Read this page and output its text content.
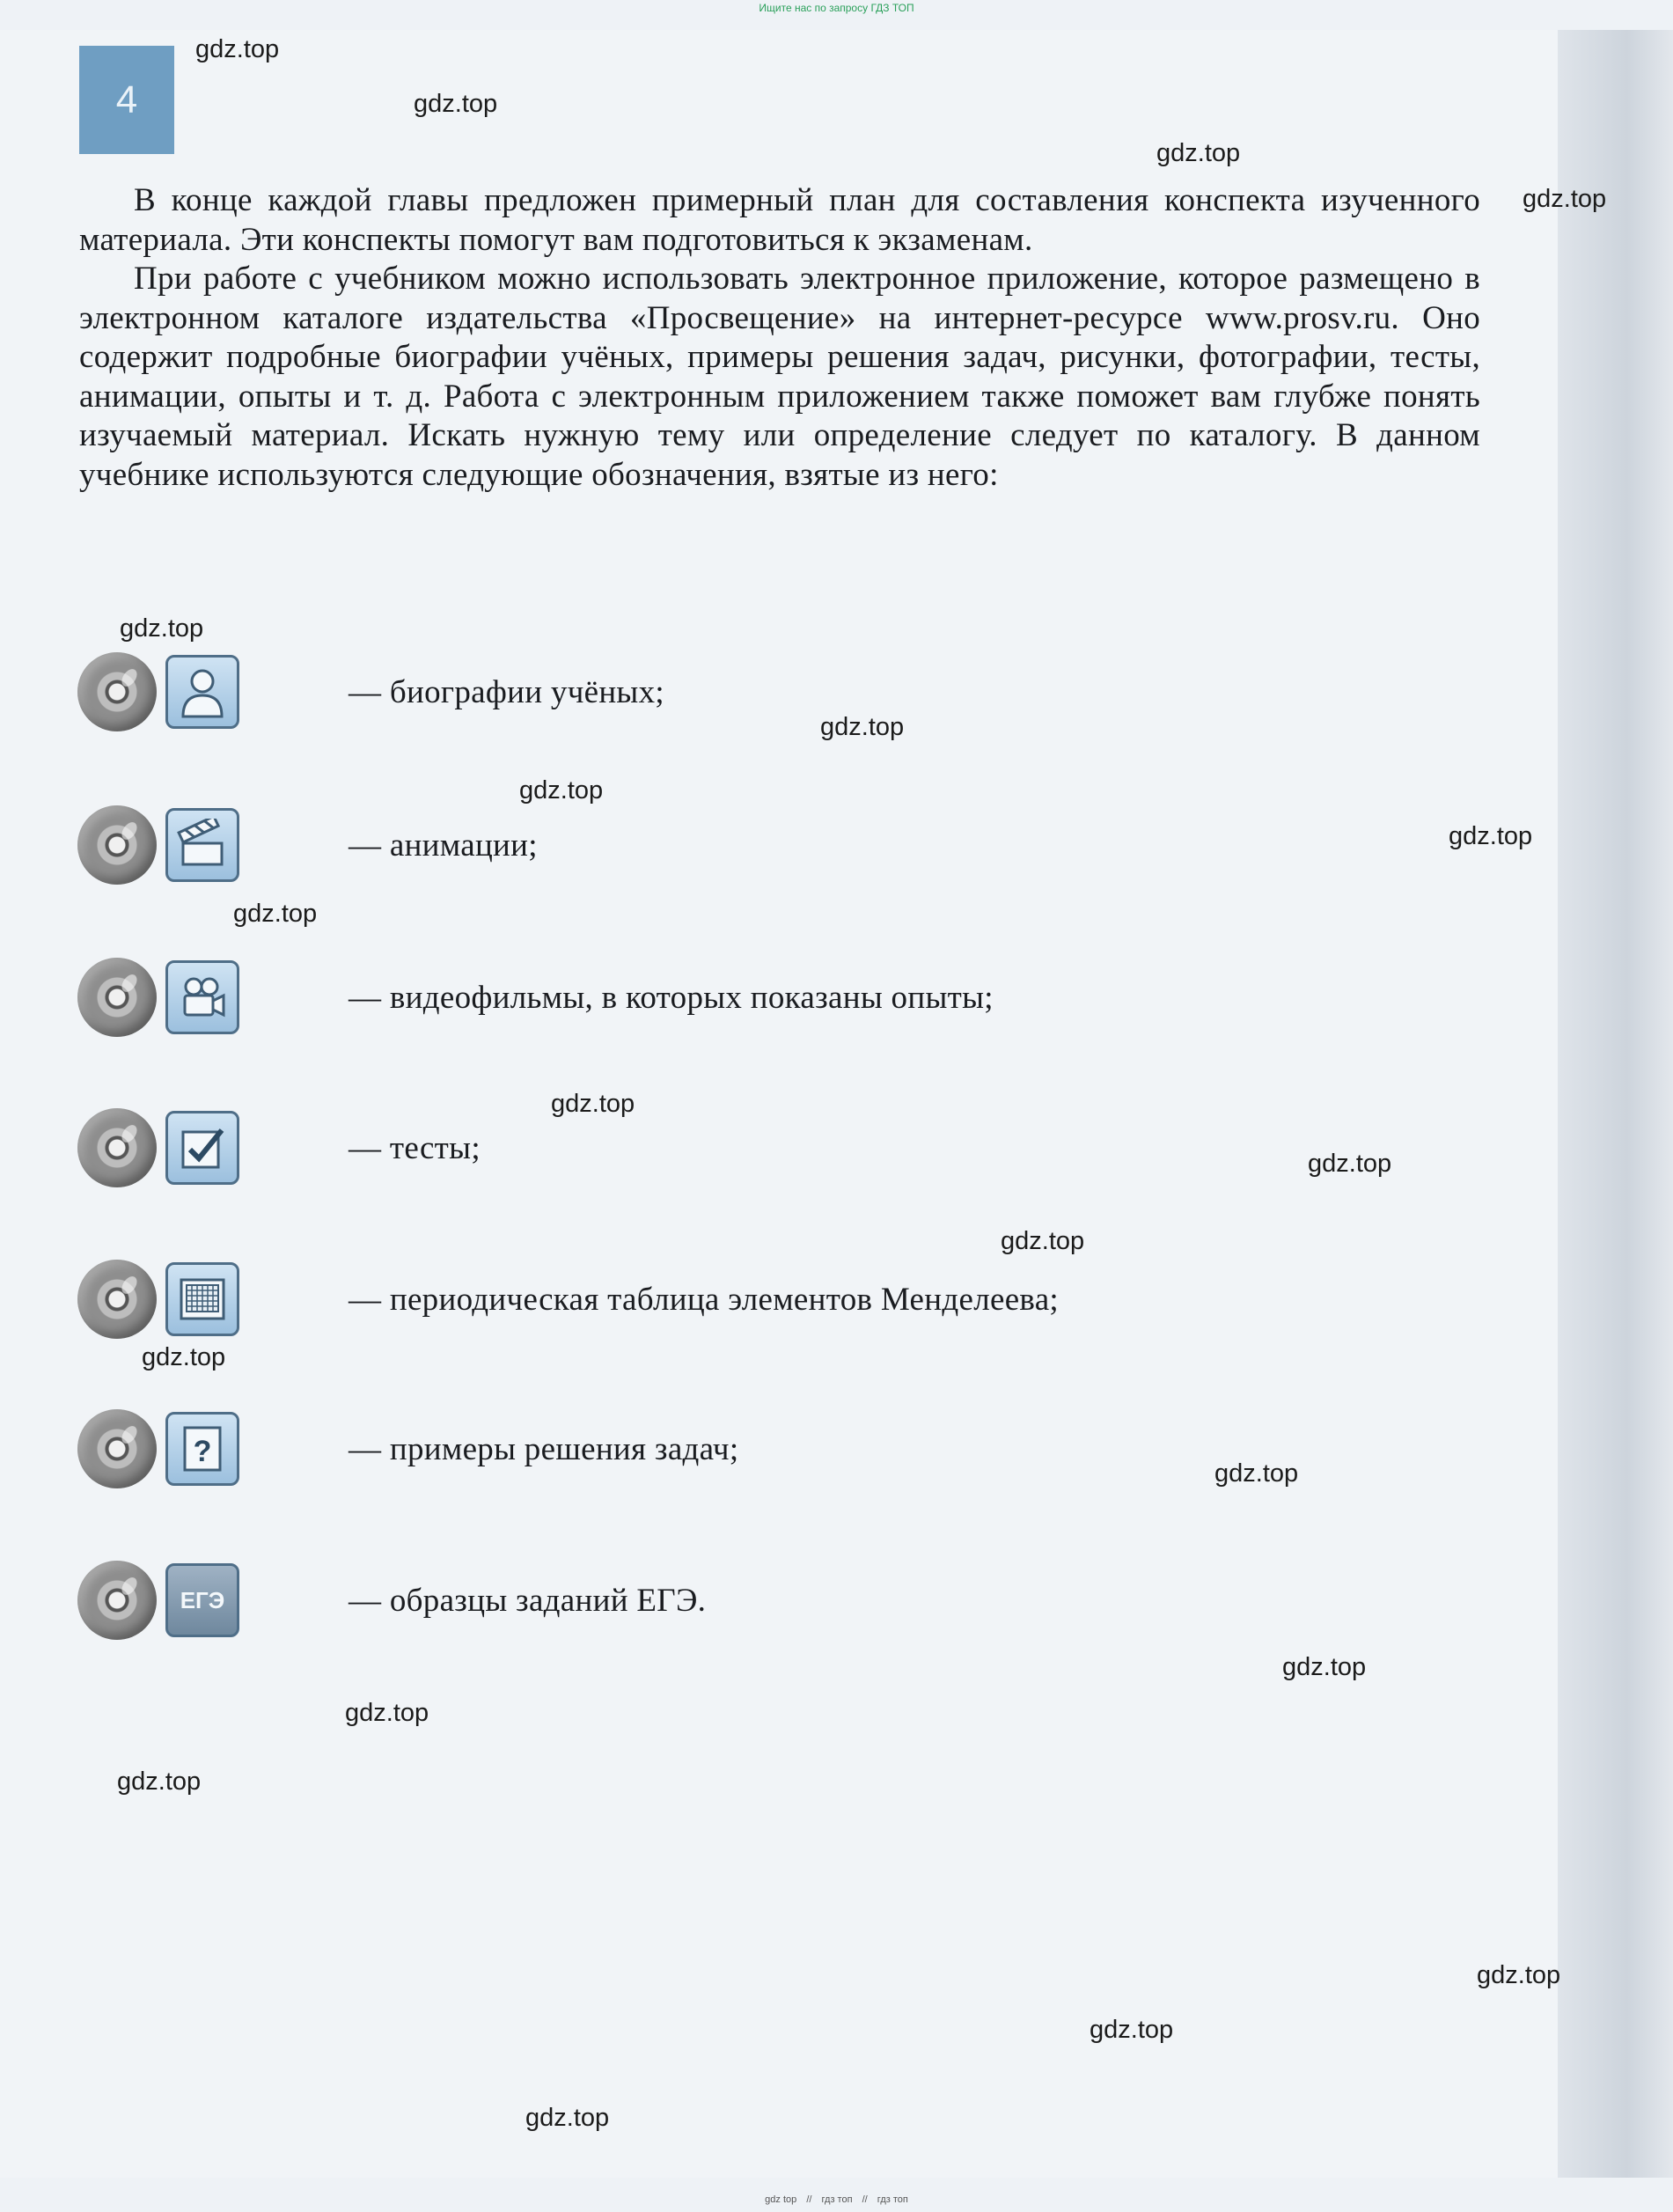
Ищите нас по запросу ГДЗ ТОП
4

В конце каждой главы предложен примерный план для составления конспекта изученного материала. Эти конспекты помогут вам подготовиться к экзаменам.

При работе с учебником можно использовать электронное приложение, которое размещено в электронном каталоге издательства «Просвещение» на интернет-ресурсе www.prosv.ru. Оно содержит подробные биографии учёных, примеры решения задач, рисунки, фотографии, тесты, анимации, опыты и т. д. Работа с электронным приложением также поможет вам глубже понять изучаемый материал. Искать нужную тему или определение следует по каталогу. В данном учебнике используются следующие обозначения, взятые из него:

— биографии учёных;
— анимации;
— видеофильмы, в которых показаны опыты;
— тесты;
— периодическая таблица элементов Менделеева;
?	— примеры решения задач;
ЕГЭ	— образцы заданий ЕГЭ.
gdz.top
gdz.top
gdz.top
gdz.top
gdz.top
gdz.top
gdz.top
gdz.top
gdz.top
gdz.top
gdz.top
gdz.top
gdz.top
gdz.top
gdz.top
gdz.top
gdz.top
gdz.top
gdz.top
gdz.top
gdz top // гдз топ // гдз топ
